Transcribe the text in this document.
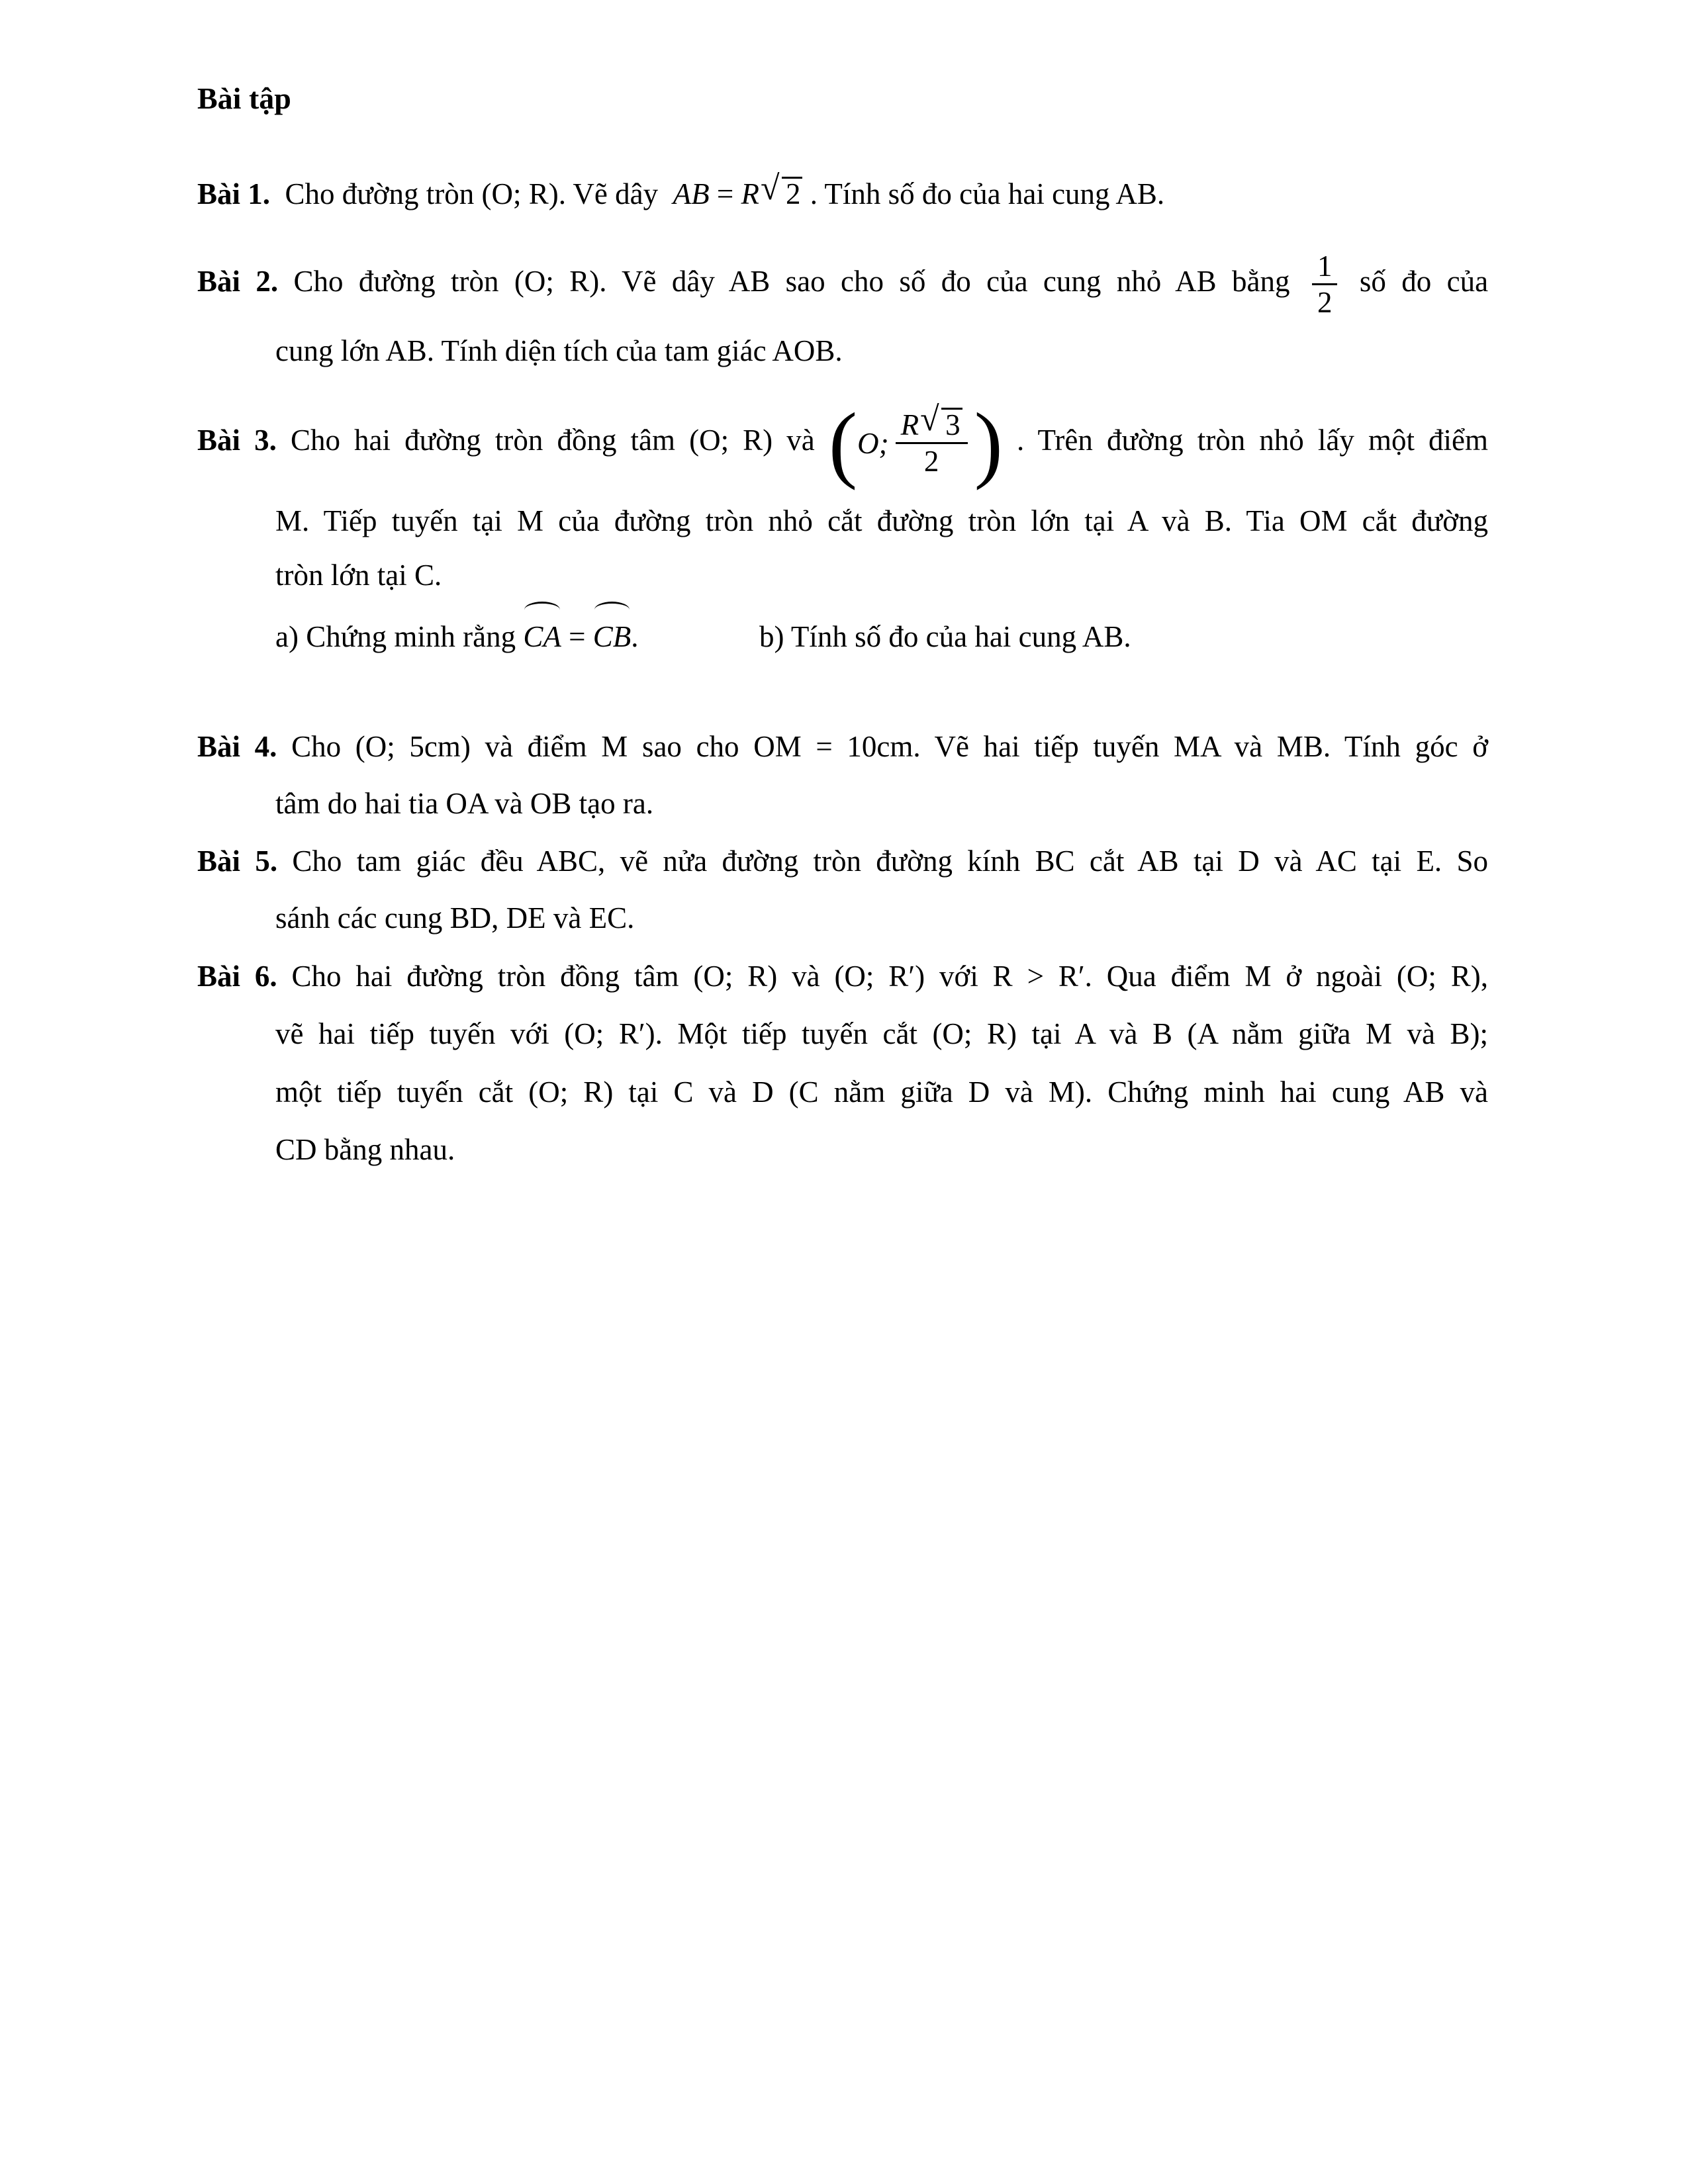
Bài tập
Bài 1. Cho đường tròn (O; R). Vẽ dây AB = R √ 2 . Tính số đo của hai cung AB.
Bài 2. Cho đường tròn (O; R). Vẽ dây AB sao cho số đo của cung nhỏ AB bằng $\frac{1}{2}$ số đo của
cung lớn AB. Tính diện tích của tam giác AOB.
Bài 3. Cho hai đường tròn đồng tâm (O; R) và ( O; $\frac{R √ 3}{2}$ ) . Trên đường tròn nhỏ lấy một điểm
M. Tiếp tuyến tại M của đường tròn nhỏ cắt đường tròn lớn tại A và B. Tia OM cắt đường
tròn lớn tại C.
a) Chứng minh rằng CA = CB.	b) Tính số đo của hai cung AB.
Bài 4. Cho (O; 5cm) và điểm M sao cho OM = 10cm. Vẽ hai tiếp tuyến MA và MB. Tính góc ở
tâm do hai tia OA và OB tạo ra.
Bài 5. Cho tam giác đều ABC, vẽ nửa đường tròn đường kính BC cắt AB tại D và AC tại E. So
sánh các cung BD, DE và EC.
Bài 6. Cho hai đường tròn đồng tâm (O; R) và (O; R′) với R > R′. Qua điểm M ở ngoài (O; R),
vẽ hai tiếp tuyến với (O; R′). Một tiếp tuyến cắt (O; R) tại A và B (A nằm giữa M và B);
một tiếp tuyến cắt (O; R) tại C và D (C nằm giữa D và M). Chứng minh hai cung AB và
CD bằng nhau.
